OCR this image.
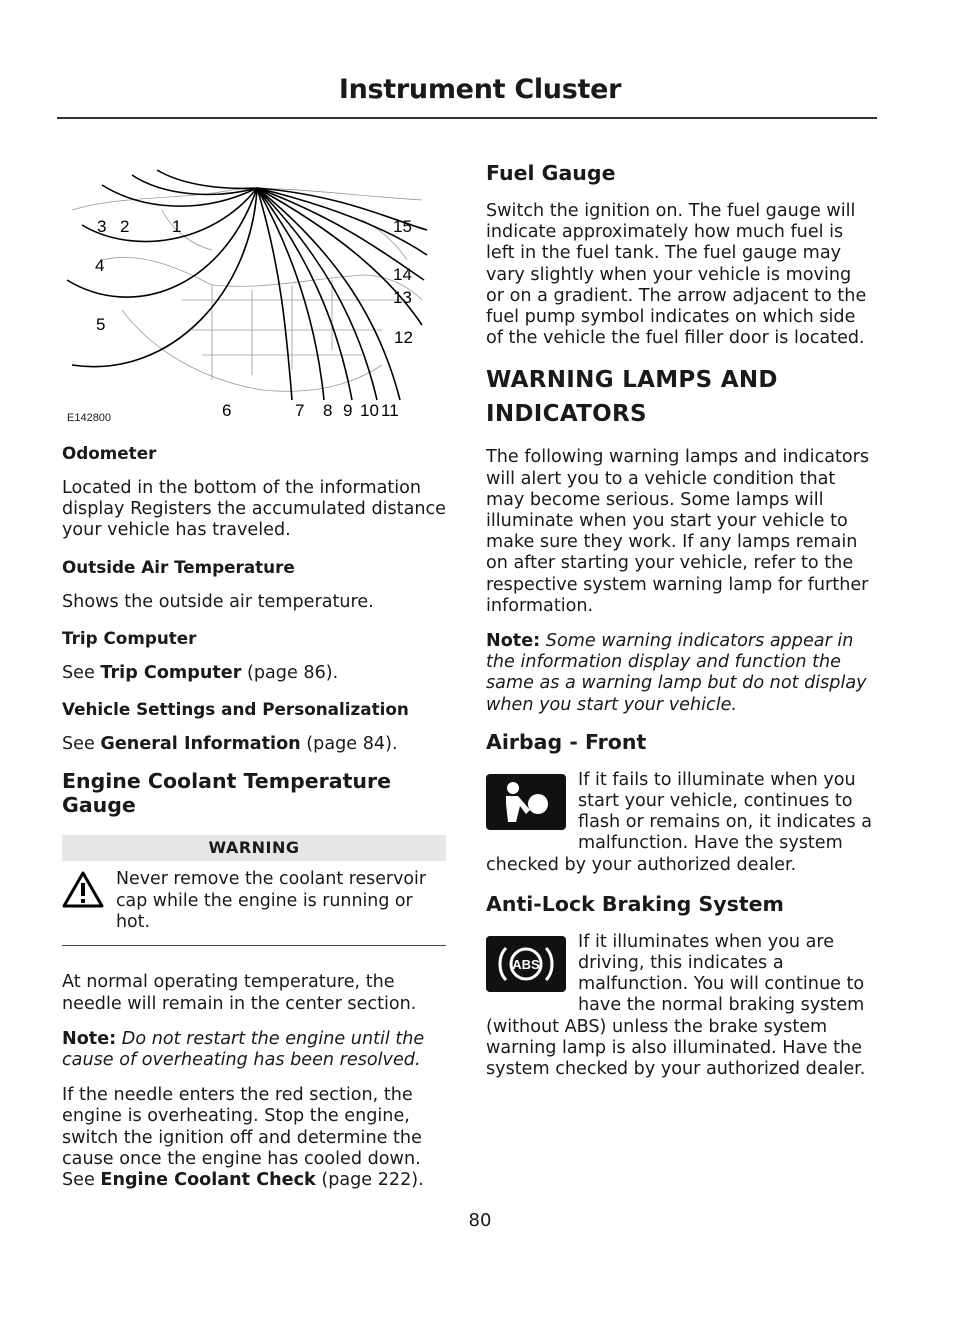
Instrument Cluster
1
2
3
4
5
6	7 8 9 10 11
12
13
14
15
E142800
Odometer

Located in the bottom of the information display Registers the accumulated distance your vehicle has traveled.

Outside Air Temperature

Shows the outside air temperature.

Trip Computer

See Trip Computer (page 86).

Vehicle Settings and Personalization

See General Information (page 84).

Engine Coolant Temperature Gauge
WARNING
Never remove the coolant reservoir cap while the engine is running or hot.

At normal operating temperature, the needle will remain in the center section.

Note: Do not restart the engine until the cause of overheating has been resolved.

If the needle enters the red section, the engine is overheating. Stop the engine, switch the ignition off and determine the cause once the engine has cooled down. See Engine Coolant Check (page 222).

Fuel Gauge

Switch the ignition on. The fuel gauge will indicate approximately how much fuel is left in the fuel tank. The fuel gauge may vary slightly when your vehicle is moving or on a gradient. The arrow adjacent to the fuel pump symbol indicates on which side of the vehicle the fuel filler door is located.

WARNING LAMPS AND INDICATORS

The following warning lamps and indicators will alert you to a vehicle condition that may become serious. Some lamps will illuminate when you start your vehicle to make sure they work. If any lamps remain on after starting your vehicle, refer to the respective system warning lamp for further information.

Note: Some warning indicators appear in the information display and function the same as a warning lamp but do not display when you start your vehicle.

Airbag - Front

If it fails to illuminate when you start your vehicle, continues to flash or remains on, it indicates a malfunction. Have the system checked by your authorized dealer.

Anti-Lock Braking System
ABS

If it illuminates when you are driving, this indicates a malfunction. You will continue to have the normal braking system (without ABS) unless the brake system warning lamp is also illuminated. Have the system checked by your authorized dealer.

80
